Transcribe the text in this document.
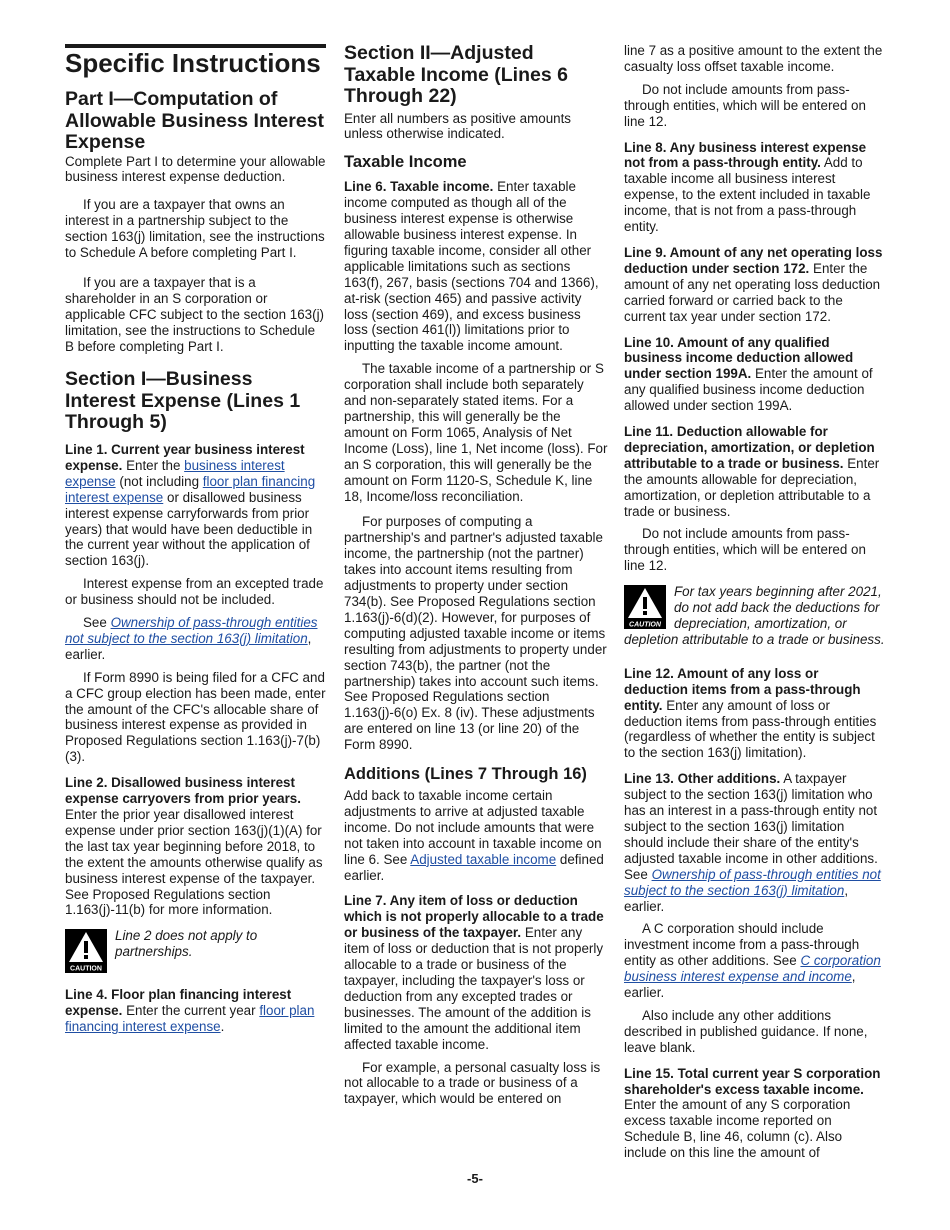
Specific Instructions
Part I—Computation of Allowable Business Interest Expense

Complete Part I to determine your allowable business interest expense deduction.

If you are a taxpayer that owns an interest in a partnership subject to the section 163(j) limitation, see the instructions to Schedule A before completing Part I.

If you are a taxpayer that is a shareholder in an S corporation or applicable CFC subject to the section 163(j) limitation, see the instructions to Schedule B before completing Part I.

Section I—Business Interest Expense (Lines 1 Through 5)

Line 1. Current year business interest expense. Enter the business interest expense (not including floor plan financing interest expense or disallowed business interest expense carryforwards from prior years) that would have been deductible in the current year without the application of section 163(j).

Interest expense from an excepted trade or business should not be included.

See Ownership of pass-through entities not subject to the section 163(j) limitation, earlier.

If Form 8990 is being filed for a CFC and a CFC group election has been made, enter the amount of the CFC's allocable share of business interest expense as provided in Proposed Regulations section 1.163(j)-7(b)(3).

Line 2. Disallowed business interest expense carryovers from prior years. Enter the prior year disallowed interest expense under prior section 163(j)(1)(A) for the last tax year beginning before 2018, to the extent the amounts otherwise qualify as business interest expense of the taxpayer. See Proposed Regulations section 1.163(j)-11(b) for more information.

CAUTION
Line 2 does not apply to partnerships.

Line 4. Floor plan financing interest expense. Enter the current year floor plan financing interest expense.

Section II—Adjusted Taxable Income (Lines 6 Through 22)

Enter all numbers as positive amounts unless otherwise indicated.

Taxable Income

Line 6. Taxable income. Enter taxable income computed as though all of the business interest expense is otherwise allowable business interest expense. In figuring taxable income, consider all other applicable limitations such as sections 163(f), 267, basis (sections 704 and 1366), at-risk (section 465) and passive activity loss (section 469), and excess business loss (section 461(l)) limitations prior to inputting the taxable income amount.

The taxable income of a partnership or S corporation shall include both separately and non-separately stated items. For a partnership, this will generally be the amount on Form 1065, Analysis of Net Income (Loss), line 1, Net income (loss). For an S corporation, this will generally be the amount on Form 1120-S, Schedule K, line 18, Income/loss reconciliation.

For purposes of computing a partnership's and partner's adjusted taxable income, the partnership (not the partner) takes into account items resulting from adjustments to property under section 734(b). See Proposed Regulations section 1.163(j)-6(d)(2). However, for purposes of computing adjusted taxable income or items resulting from adjustments to property under section 743(b), the partner (not the partnership) takes into account such items. See Proposed Regulations section 1.163(j)-6(o) Ex. 8 (iv). These adjustments are entered on line 13 (or line 20) of the Form 8990.

Additions (Lines 7 Through 16)

Add back to taxable income certain adjustments to arrive at adjusted taxable income. Do not include amounts that were not taken into account in taxable income on line 6. See Adjusted taxable income defined earlier.

Line 7. Any item of loss or deduction which is not properly allocable to a trade or business of the taxpayer. Enter any item of loss or deduction that is not properly allocable to a trade or business of the taxpayer, including the taxpayer's loss or deduction from any excepted trades or businesses. The amount of the addition is limited to the amount the additional item affected taxable income.

For example, a personal casualty loss is not allocable to a trade or business of a taxpayer, which would be entered on

line 7 as a positive amount to the extent the casualty loss offset taxable income.

Do not include amounts from pass-through entities, which will be entered on line 12.

Line 8. Any business interest expense not from a pass-through entity. Add to taxable income all business interest expense, to the extent included in taxable income, that is not from a pass-through entity.

Line 9. Amount of any net operating loss deduction under section 172. Enter the amount of any net operating loss deduction carried forward or carried back to the current tax year under section 172.

Line 10. Amount of any qualified business income deduction allowed under section 199A. Enter the amount of any qualified business income deduction allowed under section 199A.

Line 11. Deduction allowable for depreciation, amortization, or depletion attributable to a trade or business. Enter the amounts allowable for depreciation, amortization, or depletion attributable to a trade or business.

Do not include amounts from pass-through entities, which will be entered on line 12.

CAUTION
For tax years beginning after 2021, do not add back the deductions for depreciation, amortization, or depletion attributable to a trade or business.

Line 12. Amount of any loss or deduction items from a pass-through entity. Enter any amount of loss or deduction items from pass-through entities (regardless of whether the entity is subject to the section 163(j) limitation).

Line 13. Other additions. A taxpayer subject to the section 163(j) limitation who has an interest in a pass-through entity not subject to the section 163(j) limitation should include their share of the entity's adjusted taxable income in other additions. See Ownership of pass-through entities not subject to the section 163(j) limitation, earlier.

A C corporation should include investment income from a pass-through entity as other additions. See C corporation business interest expense and income, earlier.

Also include any other additions described in published guidance. If none, leave blank.

Line 15. Total current year S corporation shareholder's excess taxable income. Enter the amount of any S corporation excess taxable income reported on Schedule B, line 46, column (c). Also include on this line the amount of

-5-
